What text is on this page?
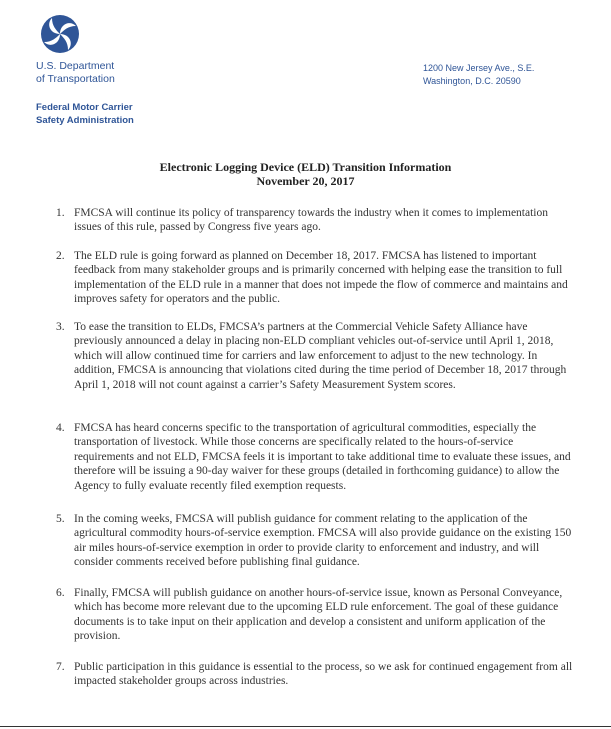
U.S. Department
of Transportation
1200 New Jersey Ave., S.E.
Washington, D.C. 20590
Federal Motor Carrier
Safety Administration
Electronic Logging Device (ELD) Transition Information
November 20, 2017
1. FMCSA will continue its policy of transparency towards the industry when it comes to implementation issues of this rule, passed by Congress five years ago.
2. The ELD rule is going forward as planned on December 18, 2017. FMCSA has listened to important feedback from many stakeholder groups and is primarily concerned with helping ease the transition to full implementation of the ELD rule in a manner that does not impede the flow of commerce and maintains and improves safety for operators and the public.
3. To ease the transition to ELDs, FMCSA’s partners at the Commercial Vehicle Safety Alliance have previously announced a delay in placing non-ELD compliant vehicles out-of-service until April 1, 2018, which will allow continued time for carriers and law enforcement to adjust to the new technology. In addition, FMCSA is announcing that violations cited during the time period of December 18, 2017 through April 1, 2018 will not count against a carrier’s Safety Measurement System scores.
4. FMCSA has heard concerns specific to the transportation of agricultural commodities, especially the transportation of livestock. While those concerns are specifically related to the hours-of-service requirements and not ELD, FMCSA feels it is important to take additional time to evaluate these issues, and therefore will be issuing a 90-day waiver for these groups (detailed in forthcoming guidance) to allow the Agency to fully evaluate recently filed exemption requests.
5. In the coming weeks, FMCSA will publish guidance for comment relating to the application of the agricultural commodity hours-of-service exemption. FMCSA will also provide guidance on the existing 150 air miles hours-of-service exemption in order to provide clarity to enforcement and industry, and will consider comments received before publishing final guidance.
6. Finally, FMCSA will publish guidance on another hours-of-service issue, known as Personal Conveyance, which has become more relevant due to the upcoming ELD rule enforcement. The goal of these guidance documents is to take input on their application and develop a consistent and uniform application of the provision.
7. Public participation in this guidance is essential to the process, so we ask for continued engagement from all impacted stakeholder groups across industries.
